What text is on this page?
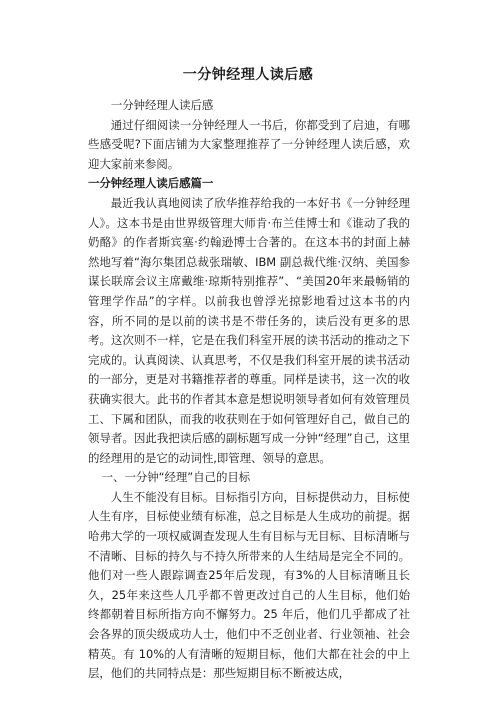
一分钟经理人读后感

一分钟经理人读后感

通过仔细阅读一分钟经理人一书后，你都受到了启迪，有哪些感受呢?下面店铺为大家整理推荐了一分钟经理人读后感，欢迎大家前来参阅。

一分钟经理人读后感篇一

最近我认真地阅读了欣华推荐给我的一本好书《一分钟经理人》。这本书是由世界级管理大师肯·布兰佳博士和《谁动了我的奶酪》的作者斯宾塞·约翰逊博士合著的。在这本书的封面上赫然地写着“海尔集团总裁张瑞敏、IBM 副总裁代维·汉纳、美国参谋长联席会议主席戴维·琼斯特别推荐”、“美国20年来最畅销的管理学作品”的字样。以前我也曾浮光掠影地看过这本书的内容，所不同的是以前的读书是不带任务的，读后没有更多的思考。这次则不一样，它是在我们科室开展的读书活动的推动之下完成的。认真阅读、认真思考，不仅是我们科室开展的读书活动的一部分，更是对书籍推荐者的尊重。同样是读书，这一次的收获确实很大。此书的作者其本意是想说明领导者如何有效管理员工、下属和团队，而我的收获则在于如何管理好自己，做自己的领导者。因此我把读后感的副标题写成一分钟“经理”自己，这里的经理用的是它的动词性,即管理、领导的意思。

一、一分钟“经理”自己的目标

人生不能没有目标。目标指引方向，目标提供动力，目标使人生有序，目标使业绩有标准，总之目标是人生成功的前提。据哈弗大学的一项权威调查发现人生有目标与无目标、目标清晰与不清晰、目标的持久与不持久所带来的人生结局是完全不同的。他们对一些人跟踪调查25年后发现，有3%的人目标清晰且长久，25年来这些人几乎都不曾更改过自己的人生目标，他们始终都朝着目标所指方向不懈努力。25 年后，他们几乎都成了社会各界的顶尖级成功人士，他们中不乏创业者、行业领袖、社会精英。有 10%的人有清晰的短期目标，他们大都在社会的中上层，他们的共同特点是：那些短期目标不断被达成，
